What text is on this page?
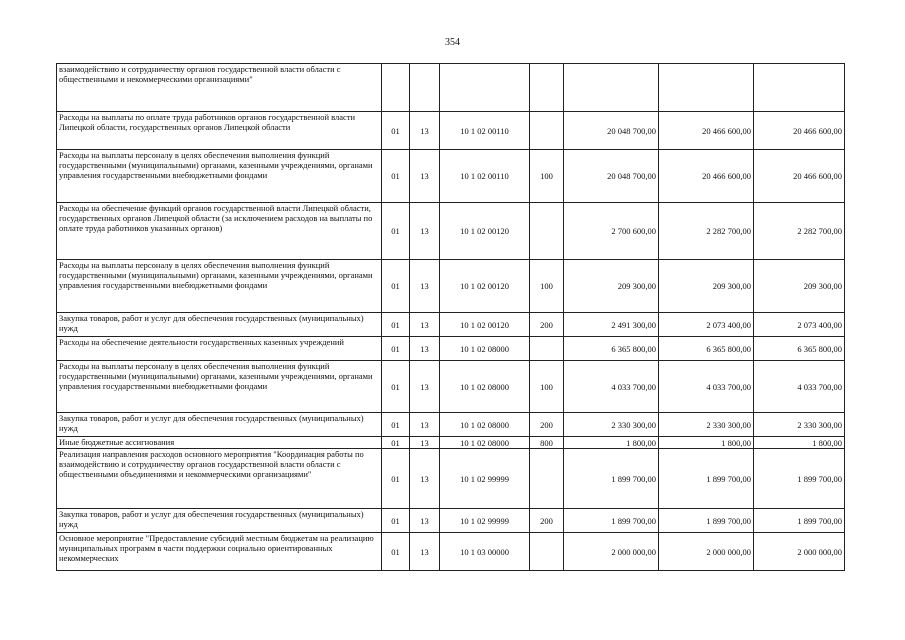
354
взаимодействию и сотрудничеству органов государственной власти области с общественными и некоммерческими организациями"							
Расходы на выплаты по оплате труда работников органов государственной власти Липецкой области, государственных органов Липецкой области	01	13	10 1 02 00110		20 048 700,00	20 466 600,00	20 466 600,00
Расходы на выплаты персоналу в целях обеспечения выполнения функций государственными (муниципальными) органами, казенными учреждениями, органами управления государственными внебюджетными фондами	01	13	10 1 02 00110	100	20 048 700,00	20 466 600,00	20 466 600,00
Расходы на обеспечение функций органов государственной власти Липецкой области, государственных органов Липецкой области (за исключением расходов на выплаты по оплате труда работников указанных органов)	01	13	10 1 02 00120		2 700 600,00	2 282 700,00	2 282 700,00
Расходы на выплаты персоналу в целях обеспечения выполнения функций государственными (муниципальными) органами, казенными учреждениями, органами управления государственными внебюджетными фондами	01	13	10 1 02 00120	100	209 300,00	209 300,00	209 300,00
Закупка товаров, работ и услуг для обеспечения государственных (муниципальных) нужд	01	13	10 1 02 00120	200	2 491 300,00	2 073 400,00	2 073 400,00
Расходы на обеспечение деятельности государственных казенных учреждений	01	13	10 1 02 08000		6 365 800,00	6 365 800,00	6 365 800,00
Расходы на выплаты персоналу в целях обеспечения выполнения функций государственными (муниципальными) органами, казенными учреждениями, органами управления государственными внебюджетными фондами	01	13	10 1 02 08000	100	4 033 700,00	4 033 700,00	4 033 700,00
Закупка товаров, работ и услуг для обеспечения государственных (муниципальных) нужд	01	13	10 1 02 08000	200	2 330 300,00	2 330 300,00	2 330 300,00
Иные бюджетные ассигнования	01	13	10 1 02 08000	800	1 800,00	1 800,00	1 800,00
Реализация направления расходов основного мероприятия "Координация работы по взаимодействию и сотрудничеству органов государственной власти области с общественными объединениями и некоммерческими организациями"	01	13	10 1 02 99999		1 899 700,00	1 899 700,00	1 899 700,00
Закупка товаров, работ и услуг для обеспечения государственных (муниципальных) нужд	01	13	10 1 02 99999	200	1 899 700,00	1 899 700,00	1 899 700,00
Основное мероприятие "Предоставление субсидий местным бюджетам на реализацию муниципальных программ в части поддержки социально ориентированных некоммерческих	01	13	10 1 03 00000		2 000 000,00	2 000 000,00	2 000 000,00
